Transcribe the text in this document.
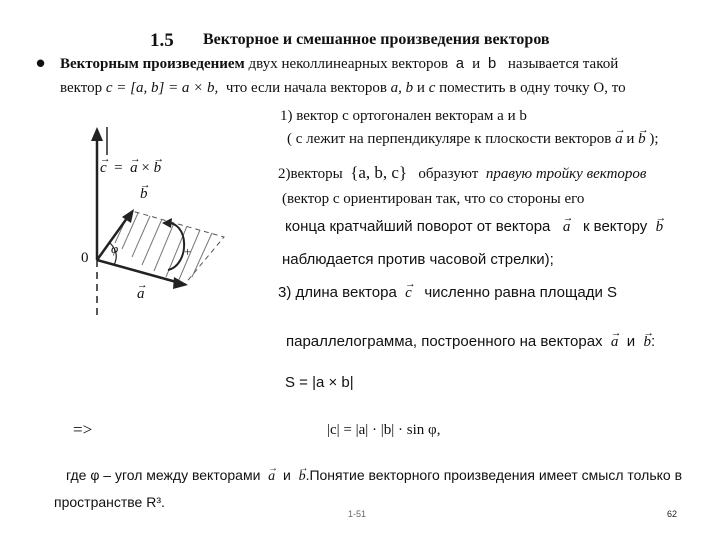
1.5 Векторное и смешанное произведения векторов
• Векторным произведением двух неколлинеарных векторов a и b называется такой
вектор c = [a, b] = a × b, что если начала векторов a, b и c поместить в одну точку О, то
1) вектор c ортогонален векторам a и b
( c лежит на перпендикуляре к плоскости векторов → a и → b );
2)векторы {a, b, c} образуют правую тройку векторов
(вектор c ориентирован так, что со стороны его
конца кратчайший поворот от вектора → a к вектору → b
наблюдается против часовой стрелки);
3) длина вектора → c численно равна площади S
параллелограмма, построенного на векторах → a и → b:
S = |a × b|
=>	|c| = |a| · |b| · sin φ,
где φ – угол между векторами → a и → b.Понятие векторного произведения имеет смысл только в
пространстве R³.
→ c  =  → a × → b
→ b
→ a
0
φ	+
1-51	62
